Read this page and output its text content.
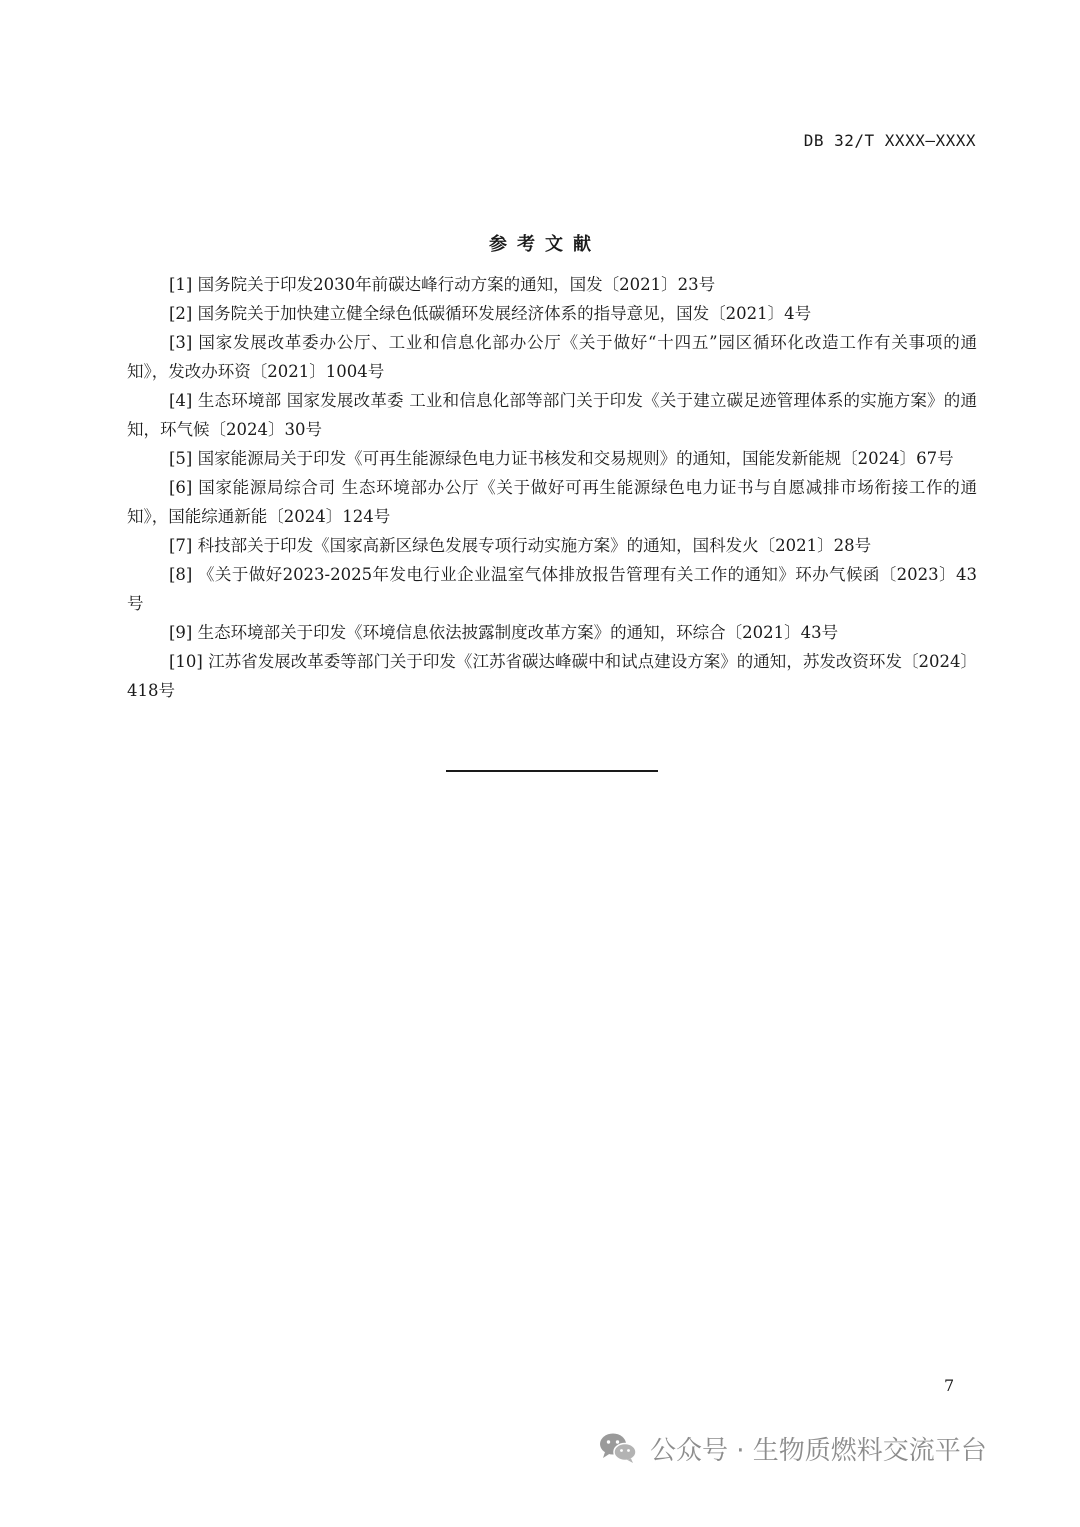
DB 32/T XXXX—XXXX
参考文献
[1] 国务院关于印发2030年前碳达峰行动方案的通知，国发〔2021〕23号
[2] 国务院关于加快建立健全绿色低碳循环发展经济体系的指导意见，国发〔2021〕4号
[3] 国家发展改革委办公厅、工业和信息化部办公厅《关于做好“十四五”园区循环化改造工作有关事项的通知》，发改办环资〔2021〕1004号
[4] 生态环境部 国家发展改革委 工业和信息化部等部门关于印发《关于建立碳足迹管理体系的实施方案》的通知，环气候〔2024〕30号
[5] 国家能源局关于印发《可再生能源绿色电力证书核发和交易规则》的通知，国能发新能规〔2024〕67号
[6] 国家能源局综合司 生态环境部办公厅《关于做好可再生能源绿色电力证书与自愿减排市场衔接工作的通知》，国能综通新能〔2024〕124号
[7] 科技部关于印发《国家高新区绿色发展专项行动实施方案》的通知，国科发火〔2021〕28号
[8] 《关于做好2023-2025年发电行业企业温室气体排放报告管理有关工作的通知》环办气候函〔2023〕43号
[9] 生态环境部关于印发《环境信息依法披露制度改革方案》的通知，环综合〔2021〕43号
[10] 江苏省发展改革委等部门关于印发《江苏省碳达峰碳中和试点建设方案》的通知，苏发改资环发〔2024〕418号
7
公众号 · 生物质燃料交流平台
